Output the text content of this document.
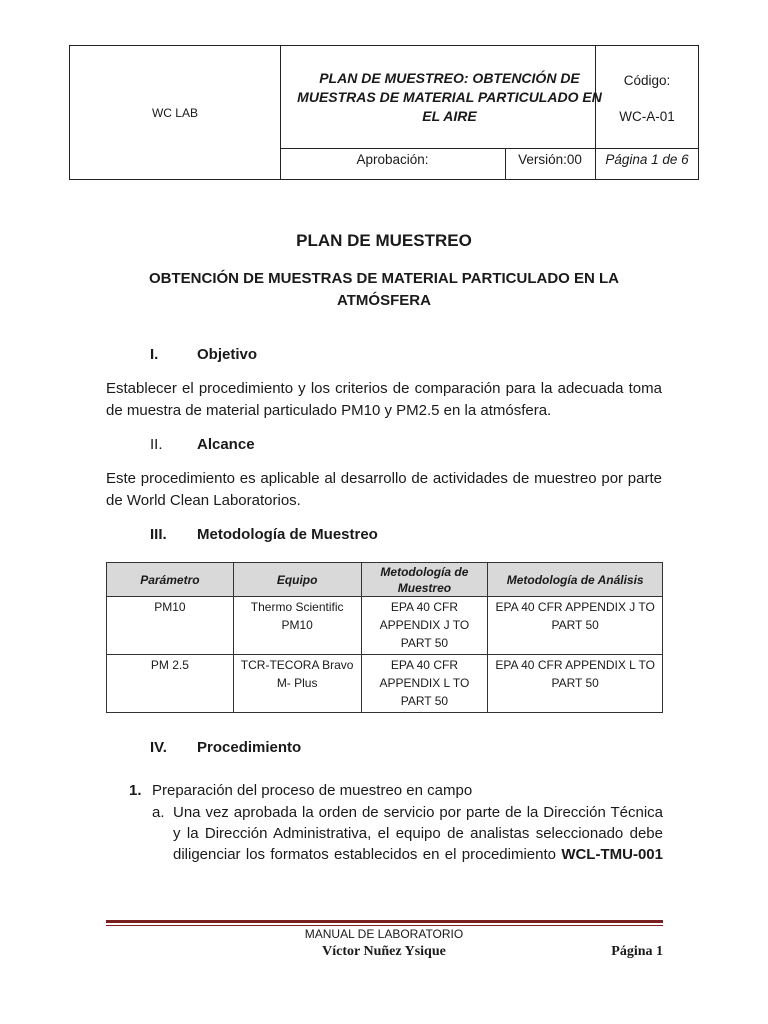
WC LAB
PLAN DE MUESTREO: OBTENCIÓN DE MUESTRAS DE MATERIAL PARTICULADO EN EL AIRE
Código:
WC-A-01
Aprobación:	Versión:00	Página 1 de 6
PLAN DE MUESTREO
OBTENCIÓN DE MUESTRAS DE MATERIAL PARTICULADO EN LA ATMÓSFERA
I.	Objetivo
Establecer el procedimiento y los criterios de comparación para la adecuada toma de muestra de material particulado PM10 y PM2.5 en la atmósfera.
II. Alcance
Este procedimiento es aplicable al desarrollo de actividades de muestreo por parte de World Clean Laboratorios.
III. Metodología de Muestreo
Parámetro	Equipo	Metodología de Muestreo	Metodología de Análisis
PM10	Thermo Scientific PM10	EPA 40 CFR APPENDIX J TO PART 50	EPA 40 CFR APPENDIX J TO PART 50
PM 2.5	TCR-TECORA Bravo M- Plus	EPA 40 CFR APPENDIX L TO PART 50	EPA 40 CFR APPENDIX L TO PART 50
IV. Procedimiento
1. Preparación del proceso de muestreo en campo
a. Una vez aprobada la orden de servicio por parte de la Dirección Técnica y la Dirección Administrativa, el equipo de analistas seleccionado debe diligenciar los formatos establecidos en el procedimiento WCL-TMU-001
MANUAL DE LABORATORIO
Víctor Nuñez Ysique	Página 1
